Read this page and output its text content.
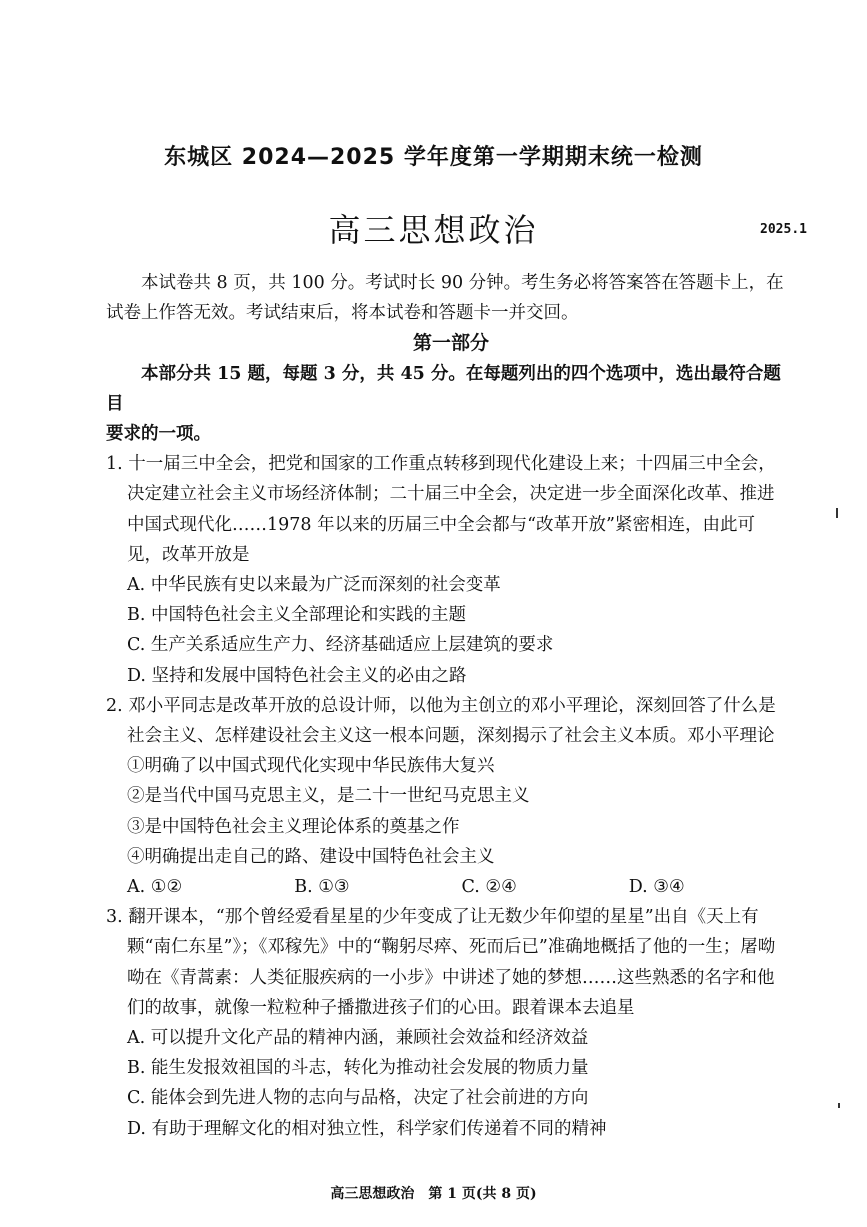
东城区 2024—2025 学年度第一学期期末统一检测
高三思想政治	2025.1

本试卷共 8 页，共 100 分。考试时长 90 分钟。考生务必将答案答在答题卡上，在

试卷上作答无效。考试结束后，将本试卷和答题卡一并交回。

第一部分

本部分共 15 题，每题 3 分，共 45 分。在每题列出的四个选项中，选出最符合题目

要求的一项。

1. 十一届三中全会，把党和国家的工作重点转移到现代化建设上来；十四届三中全会，

决定建立社会主义市场经济体制；二十届三中全会，决定进一步全面深化改革、推进

中国式现代化……1978 年以来的历届三中全会都与“改革开放”紧密相连，由此可

见，改革开放是

A. 中华民族有史以来最为广泛而深刻的社会变革

B. 中国特色社会主义全部理论和实践的主题

C. 生产关系适应生产力、经济基础适应上层建筑的要求

D. 坚持和发展中国特色社会主义的必由之路

2. 邓小平同志是改革开放的总设计师，以他为主创立的邓小平理论，深刻回答了什么是

社会主义、怎样建设社会主义这一根本问题，深刻揭示了社会主义本质。邓小平理论

①明确了以中国式现代化实现中华民族伟大复兴

②是当代中国马克思主义，是二十一世纪马克思主义

③是中国特色社会主义理论体系的奠基之作

④明确提出走自己的路、建设中国特色社会主义

A. ①②	B. ①③	C. ②④	D. ③④

3. 翻开课本，“那个曾经爱看星星的少年变成了让无数少年仰望的星星”出自《天上有

颗“南仁东星”》；《邓稼先》中的“鞠躬尽瘁、死而后已”准确地概括了他的一生；屠呦

呦在《青蒿素：人类征服疾病的一小步》中讲述了她的梦想……这些熟悉的名字和他

们的故事，就像一粒粒种子播撒进孩子们的心田。跟着课本去追星

A. 可以提升文化产品的精神内涵，兼顾社会效益和经济效益

B. 能生发报效祖国的斗志，转化为推动社会发展的物质力量

C. 能体会到先进人物的志向与品格，决定了社会前进的方向

D. 有助于理解文化的相对独立性，科学家们传递着不同的精神

高三思想政治　第 1 页(共 8 页)
